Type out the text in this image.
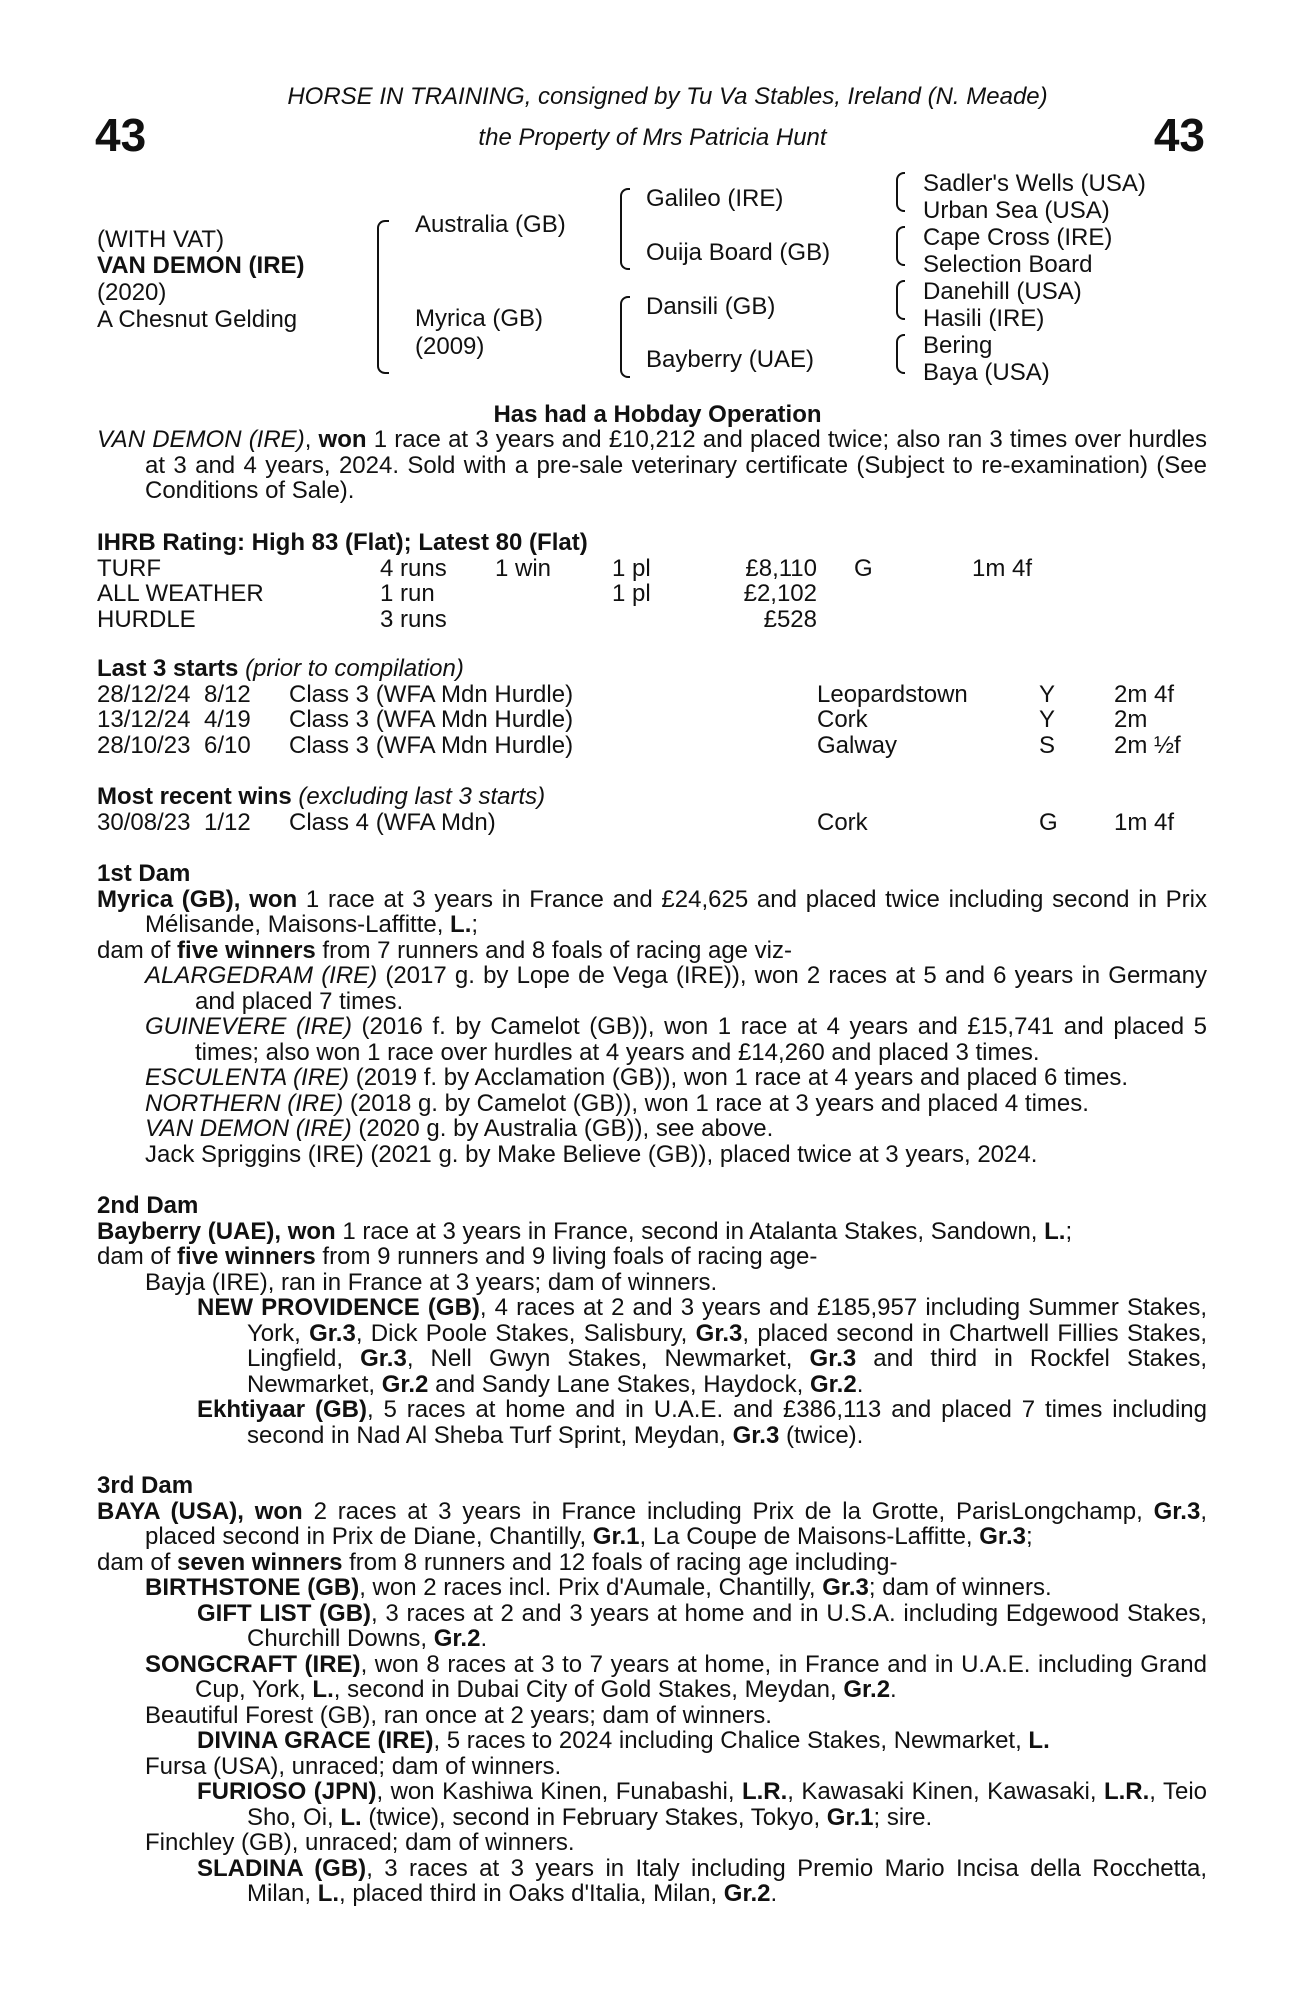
43	43
HORSE IN TRAINING, consigned by Tu Va Stables, Ireland (N. Meade)
the Property of Mrs Patricia Hunt
(WITH VAT)
VAN DEMON (IRE)
(2020)
A Chesnut Gelding
Australia (GB)
Myrica (GB)
(2009)
Galileo (IRE)
Ouija Board (GB)
Dansili (GB)
Bayberry (UAE)
Sadler's Wells (USA)
Urban Sea (USA)
Cape Cross (IRE)
Selection Board
Danehill (USA)
Hasili (IRE)
Bering
Baya (USA)
Has had a Hobday Operation

VAN DEMON (IRE), won 1 race at 3 years and £10,212 and placed twice; also ran 3 times over hurdles at 3 and 4 years, 2024. Sold with a pre-sale veterinary certificate (Subject to re-examination) (See Conditions of Sale).

IHRB Rating: High 83 (Flat); Latest 80 (Flat)
TURF	4 runs 1 win	1 pl	£8,110 G	1m 4f
ALL WEATHER	1 run	1 pl	£2,102
HURDLE	3 runs	£528
Last 3 starts (prior to compilation)
28/12/24 8/12 Class 3 (WFA Mdn Hurdle)	Leopardstown	Y 2m 4f
13/12/24 4/19 Class 3 (WFA Mdn Hurdle)	Cork	Y 2m
28/10/23 6/10 Class 3 (WFA Mdn Hurdle)	Galway	S 2m ½f
Most recent wins (excluding last 3 starts)
30/08/23 1/12 Class 4 (WFA Mdn)	Cork	G 1m 4f
1st Dam

Myrica (GB), won 1 race at 3 years in France and £24,625 and placed twice including second in Prix Mélisande, Maisons-Laffitte, L.;

dam of five winners from 7 runners and 8 foals of racing age viz-

ALARGEDRAM (IRE) (2017 g. by Lope de Vega (IRE)), won 2 races at 5 and 6 years in Germany and placed 7 times.

GUINEVERE (IRE) (2016 f. by Camelot (GB)), won 1 race at 4 years and £15,741 and placed 5 times; also won 1 race over hurdles at 4 years and £14,260 and placed 3 times.

ESCULENTA (IRE) (2019 f. by Acclamation (GB)), won 1 race at 4 years and placed 6 times.

NORTHERN (IRE) (2018 g. by Camelot (GB)), won 1 race at 3 years and placed 4 times.

VAN DEMON (IRE) (2020 g. by Australia (GB)), see above.

Jack Spriggins (IRE) (2021 g. by Make Believe (GB)), placed twice at 3 years, 2024.

2nd Dam

Bayberry (UAE), won 1 race at 3 years in France, second in Atalanta Stakes, Sandown, L.;

dam of five winners from 9 runners and 9 living foals of racing age-

Bayja (IRE), ran in France at 3 years; dam of winners.

NEW PROVIDENCE (GB), 4 races at 2 and 3 years and £185,957 including Summer Stakes, York, Gr.3, Dick Poole Stakes, Salisbury, Gr.3, placed second in Chartwell Fillies Stakes, Lingfield, Gr.3, Nell Gwyn Stakes, Newmarket, Gr.3 and third in Rockfel Stakes, Newmarket, Gr.2 and Sandy Lane Stakes, Haydock, Gr.2.

Ekhtiyaar (GB), 5 races at home and in U.A.E. and £386,113 and placed 7 times including second in Nad Al Sheba Turf Sprint, Meydan, Gr.3 (twice).

3rd Dam

BAYA (USA), won 2 races at 3 years in France including Prix de la Grotte, ParisLongchamp, Gr.3, placed second in Prix de Diane, Chantilly, Gr.1, La Coupe de Maisons-Laffitte, Gr.3;

dam of seven winners from 8 runners and 12 foals of racing age including-

BIRTHSTONE (GB), won 2 races incl. Prix d'Aumale, Chantilly, Gr.3; dam of winners.

GIFT LIST (GB), 3 races at 2 and 3 years at home and in U.S.A. including Edgewood Stakes, Churchill Downs, Gr.2.

SONGCRAFT (IRE), won 8 races at 3 to 7 years at home, in France and in U.A.E. including Grand Cup, York, L., second in Dubai City of Gold Stakes, Meydan, Gr.2.

Beautiful Forest (GB), ran once at 2 years; dam of winners.

DIVINA GRACE (IRE), 5 races to 2024 including Chalice Stakes, Newmarket, L.

Fursa (USA), unraced; dam of winners.

FURIOSO (JPN), won Kashiwa Kinen, Funabashi, L.R., Kawasaki Kinen, Kawasaki, L.R., Teio Sho, Oi, L. (twice), second in February Stakes, Tokyo, Gr.1; sire.

Finchley (GB), unraced; dam of winners.

SLADINA (GB), 3 races at 3 years in Italy including Premio Mario Incisa della Rocchetta, Milan, L., placed third in Oaks d'Italia, Milan, Gr.2.
